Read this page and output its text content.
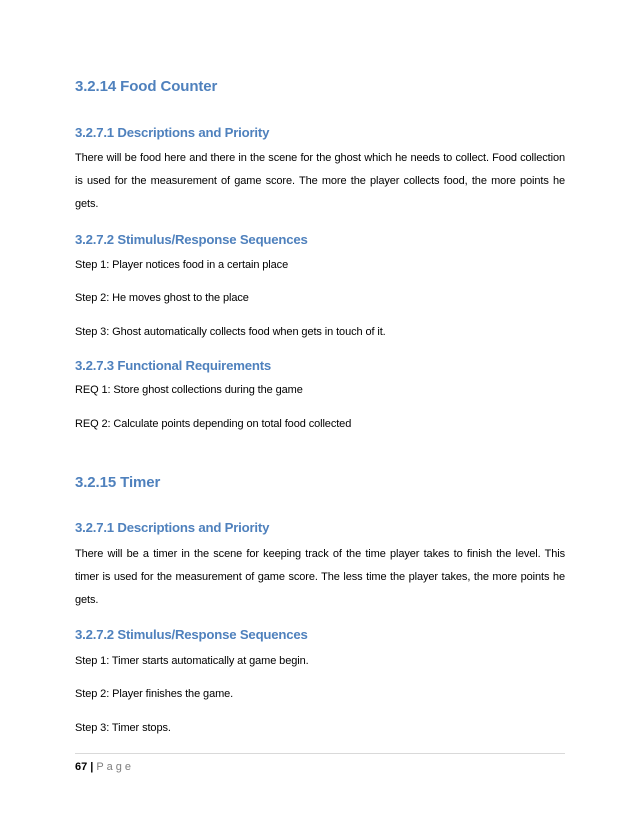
3.2.14 Food Counter
3.2.7.1 Descriptions and Priority

There will be food here and there in the scene for the ghost which he needs to collect. Food collection is used for the measurement of game score. The more the player collects food, the more points he gets.

3.2.7.2 Stimulus/Response Sequences

Step 1: Player notices food in a certain place

Step 2: He moves ghost to the place

Step 3: Ghost automatically collects food when gets in touch of it.

3.2.7.3 Functional Requirements

REQ 1: Store ghost collections during the game

REQ 2: Calculate points depending on total food collected

3.2.15 Timer
3.2.7.1 Descriptions and Priority

There will be a timer in the scene for keeping track of the time player takes to finish the level. This timer is used for the measurement of game score. The less time the player takes, the more points he gets.

3.2.7.2 Stimulus/Response Sequences

Step 1: Timer starts automatically at game begin.

Step 2: Player finishes the game.

Step 3: Timer stops.

67 | Page
